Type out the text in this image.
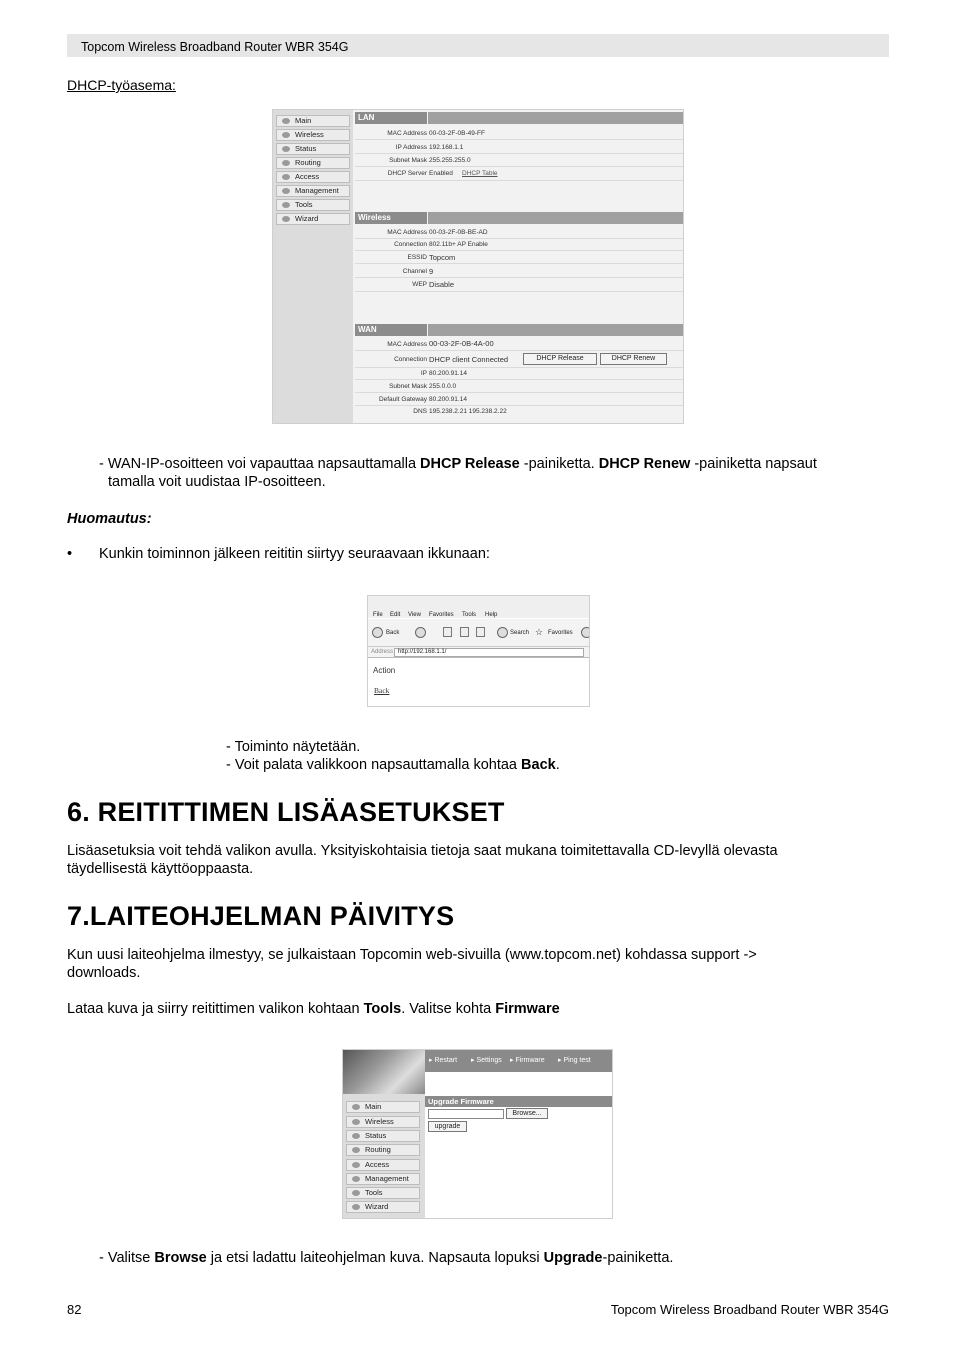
Topcom Wireless Broadband Router WBR 354G
DHCP-työasema:
Main
Wireless
Status
Routing
Access
Management
Tools
Wizard
LAN
MAC Address 00-03-2F-0B-49-FF
IP Address 192.168.1.1
Subnet Mask 255.255.255.0
DHCP Server Enabled DHCP Table
Wireless
MAC Address 00-03-2F-0B-BE-AD
Connection 802.11b+ AP Enable
ESSID Topcom
Channel 9
WEP Disable
WAN
MAC Address 00-03-2F-0B-4A-00
Connection DHCP client Connected	DHCP Release	DHCP Renew
IP 80.200.91.14
Subnet Mask 255.0.0.0
Default Gateway 80.200.91.14
DNS 195.238.2.21 195.238.2.22
- WAN-IP-osoitteen voi vapauttaa napsauttamalla DHCP Release -painiketta. DHCP Renew -painiketta napsaut
tamalla voit uudistaa IP-osoitteen.
Huomautus:
• Kunkin toiminnon jälkeen reititin siirtyy seuraavaan ikkunaan:
File Edit View Favorites Tools Help
Back	Search ☆ Favorites
Address http://192.168.1.1/
Action
Back
- Toiminto näytetään.
- Voit palata valikkoon napsauttamalla kohtaa Back.
6. REITITTIMEN LISÄASETUKSET
Lisäasetuksia voit tehdä valikon avulla. Yksityiskohtaisia tietoja saat mukana toimitettavalla CD-levyllä olevasta
täydellisestä käyttöoppaasta.
7.LAITEOHJELMAN PÄIVITYS
Kun uusi laiteohjelma ilmestyy, se julkaistaan Topcomin web-sivuilla (www.topcom.net) kohdassa support ->
downloads.
Lataa kuva ja siirry reitittimen valikon kohtaan Tools. Valitse kohta Firmware
Main
Wireless
Status
Routing
Access
Management
Tools
Wizard
▸ Restart ▸ Settings ▸ Firmware ▸ Ping test
Upgrade Firmware
Browse...
upgrade
- Valitse Browse ja etsi ladattu laiteohjelman kuva. Napsauta lopuksi Upgrade-painiketta.
82	Topcom Wireless Broadband Router WBR 354G
